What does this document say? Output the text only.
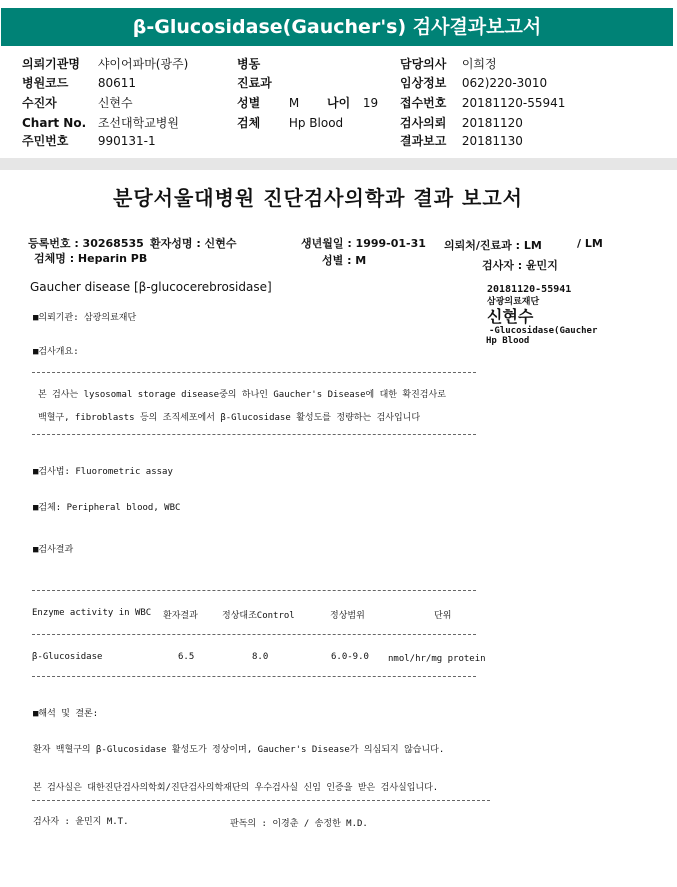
β-Glucosidase(Gaucher's) 검사결과보고서
의뢰기관명 샤이어파마(광주)
병원코드 80611
수진자	신현수
Chart No. 조선대학교병원
주민번호 990131-1
병동
진료과
성별 M 나이 19
검체 Hp Blood
담당의사 이희정
임상정보 062)220-3010
접수번호 20181120-55941
검사의뢰 20181120
결과보고 20181130
분당서울대병원 진단검사의학과 결과 보고서
등록번호 : 30268535 환자성명 : 신현수	생년월일 : 1999-01-31 의뢰처/진료과 : LM	/ LM
검체명 : Heparin PB	성별 : M	검사자 : 윤민지
Gaucher disease [β-glucocerebrosidase]
■의뢰기관: 삼광의료재단
■검사개요:
본 검사는 lysosomal storage disease중의 하나인 Gaucher's Disease에 대한 확진검사로
백혈구, fibroblasts 등의 조직세포에서 β-Glucosidase 활성도를 정량하는 검사입니다
■검사법: Fluorometric assay
■검체: Peripheral blood, WBC
■검사결과
Enzyme activity in WBC 환자결과	정상대조Control	정상범위	단위
β-Glucosidase	6.5	8.0	6.0-9.0 nmol/hr/mg protein
■해석 및 결론:
환자 백혈구의 β-Glucosidase 활성도가 정상이며, Gaucher's Disease가 의심되지 않습니다.
본 검사실은 대한진단검사의학회/진단검사의학재단의 우수검사실 신임 인증을 받은 검사실입니다.
검사자 : 윤민지 M.T.	판독의 : 이경춘 / 송정한 M.D.
20181120-55941
삼광의료재단
신현수
-Glucosidase(Gaucher
Hp Blood
